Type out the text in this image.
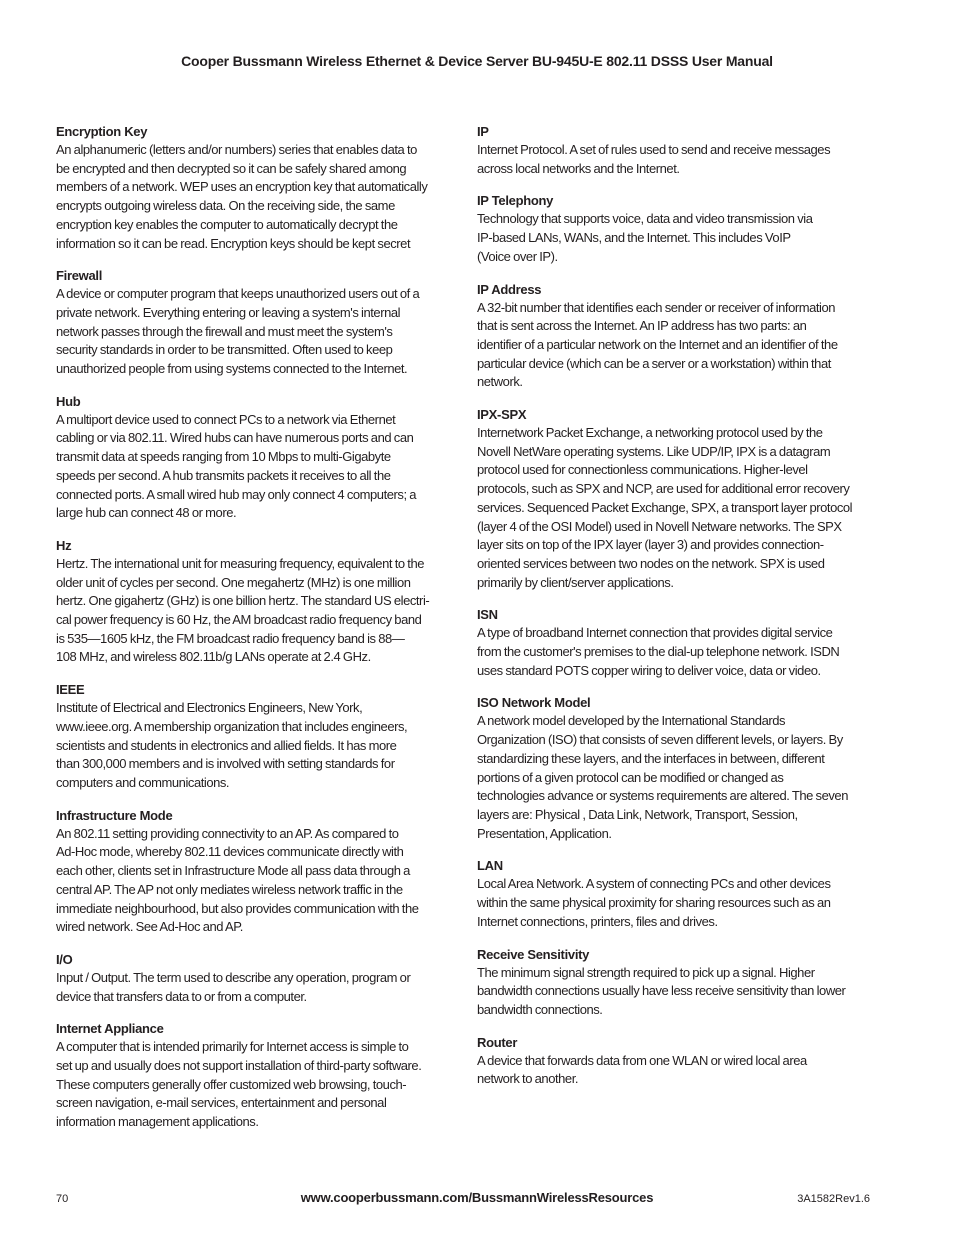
Cooper Bussmann Wireless Ethernet & Device Server BU-945U-E 802.11 DSSS User Manual

Encryption Key

An alphanumeric (letters and/or numbers) series that enables data to
be encrypted and then decrypted so it can be safely shared among
members of a network. WEP uses an encryption key that automatically
encrypts outgoing wireless data. On the receiving side, the same
encryption key enables the computer to automatically decrypt the
information so it can be read. Encryption keys should be kept secret

Firewall

A device or computer program that keeps unauthorized users out of a
private network. Everything entering or leaving a system's internal
network passes through the firewall and must meet the system's
security standards in order to be transmitted. Often used to keep
unauthorized people from using systems connected to the Internet.

Hub

A multiport device used to connect PCs to a network via Ethernet
cabling or via 802.11. Wired hubs can have numerous ports and can
transmit data at speeds ranging from 10 Mbps to multi-Gigabyte
speeds per second. A hub transmits packets it receives to all the
connected ports. A small wired hub may only connect 4 computers; a
large hub can connect 48 or more.

Hz

Hertz. The international unit for measuring frequency, equivalent to the
older unit of cycles per second. One megahertz (MHz) is one million
hertz. One gigahertz (GHz) is one billion hertz. The standard US electri-
cal power frequency is 60 Hz, the AM broadcast radio frequency band
is 535—1605 kHz, the FM broadcast radio frequency band is 88—
108 MHz, and wireless 802.11b/g LANs operate at 2.4 GHz.

IEEE

Institute of Electrical and Electronics Engineers, New York,
www.ieee.org. A membership organization that includes engineers,
scientists and students in electronics and allied fields. It has more
than 300,000 members and is involved with setting standards for
computers and communications.

Infrastructure Mode

An 802.11 setting providing connectivity to an AP. As compared to
Ad-Hoc mode, whereby 802.11 devices communicate directly with
each other, clients set in Infrastructure Mode all pass data through a
central AP. The AP not only mediates wireless network traffic in the
immediate neighbourhood, but also provides communication with the
wired network. See Ad-Hoc and AP.

I/O

Input / Output. The term used to describe any operation, program or
device that transfers data to or from a computer.

Internet Appliance

A computer that is intended primarily for Internet access is simple to
set up and usually does not support installation of third-party software.
These computers generally offer customized web browsing, touch-
screen navigation, e-mail services, entertainment and personal
information management applications.

IP

Internet Protocol. A set of rules used to send and receive messages
across local networks and the Internet.

IP Telephony

Technology that supports voice, data and video transmission via
IP-based LANs, WANs, and the Internet. This includes VoIP
(Voice over IP).

IP Address

A 32-bit number that identifies each sender or receiver of information
that is sent across the Internet. An IP address has two parts: an
identifier of a particular network on the Internet and an identifier of the
particular device (which can be a server or a workstation) within that
network.

IPX-SPX

Internetwork Packet Exchange, a networking protocol used by the
Novell NetWare operating systems. Like UDP/IP, IPX is a datagram
protocol used for connectionless communications. Higher-level
protocols, such as SPX and NCP, are used for additional error recovery
services. Sequenced Packet Exchange, SPX, a transport layer protocol
(layer 4 of the OSI Model) used in Novell Netware networks. The SPX
layer sits on top of the IPX layer (layer 3) and provides connection-
oriented services between two nodes on the network. SPX is used
primarily by client/server applications.

ISN

A type of broadband Internet connection that provides digital service
from the customer's premises to the dial-up telephone network. ISDN
uses standard POTS copper wiring to deliver voice, data or video.

ISO Network Model

A network model developed by the International Standards
Organization (ISO) that consists of seven different levels, or layers. By
standardizing these layers, and the interfaces in between, different
portions of a given protocol can be modified or changed as
technologies advance or systems requirements are altered. The seven
layers are: Physical , Data Link, Network, Transport, Session,
Presentation, Application.

LAN

Local Area Network. A system of connecting PCs and other devices
within the same physical proximity for sharing resources such as an
Internet connections, printers, files and drives.

Receive Sensitivity

The minimum signal strength required to pick up a signal. Higher
bandwidth connections usually have less receive sensitivity than lower
bandwidth connections.

Router

A device that forwards data from one WLAN or wired local area
network to another.

70	www.cooperbussmann.com/BussmannWirelessResources	3A1582Rev1.6
